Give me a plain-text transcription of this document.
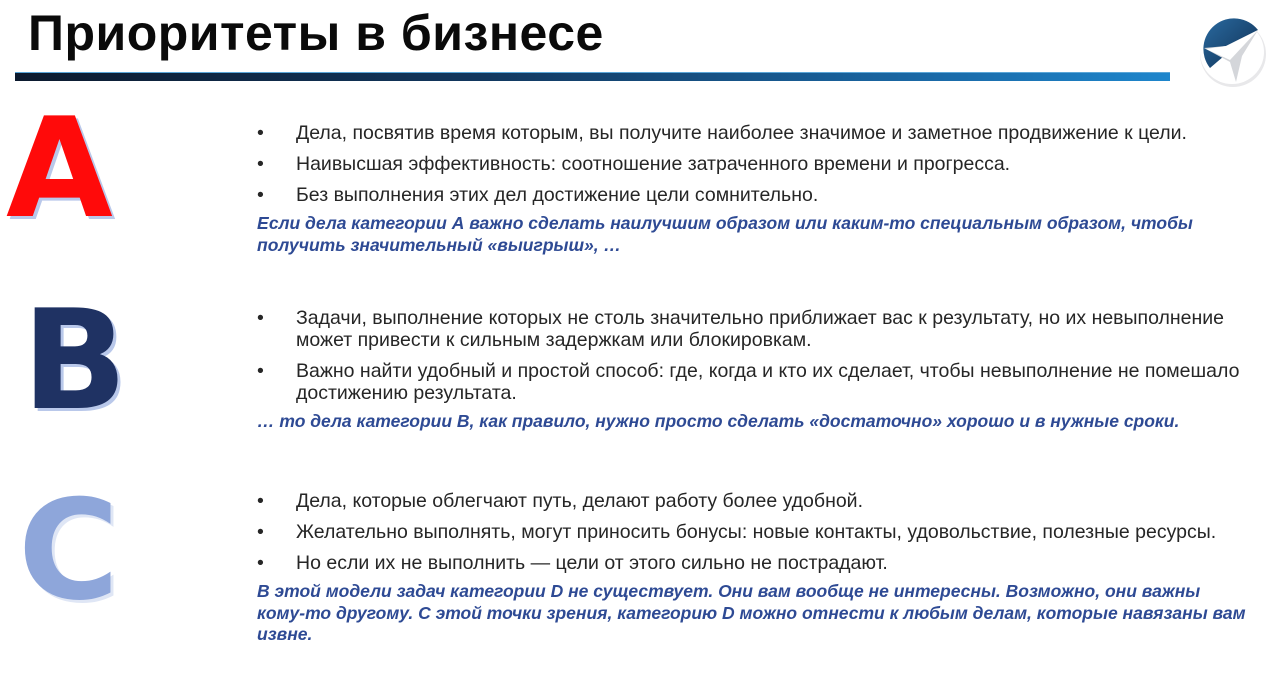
Приоритеты в бизнесе
A
B
C
• Дела, посвятив время которым, вы получите наиболее значимое и заметное продвижение к цели.
• Наивысшая эффективность: соотношение затраченного времени и прогресса.
• Без выполнения этих дел достижение цели сомнительно.
Если дела категории А важно сделать наилучшим образом или каким-то специальным образом, чтобы получить значительный «выигрыш», …
• Задачи, выполнение которых не столь значительно приближает вас к результату, но их невыполнение может привести к сильным задержкам или блокировкам.
• Важно найти удобный и простой способ: где, когда и кто их сделает, чтобы невыполнение не помешало достижению результата.
… то дела категории В, как правило, нужно просто сделать «достаточно» хорошо и в нужные сроки.
• Дела, которые облегчают путь, делают работу более удобной.
• Желательно выполнять, могут приносить бонусы: новые контакты, удовольствие, полезные ресурсы.
• Но если их не выполнить — цели от этого сильно не пострадают.
В этой модели задач категории D не существует. Они вам вообще не интересны. Возможно, они важны кому-то другому. С этой точки зрения, категорию D можно отнести к любым делам, которые навязаны вам извне.
